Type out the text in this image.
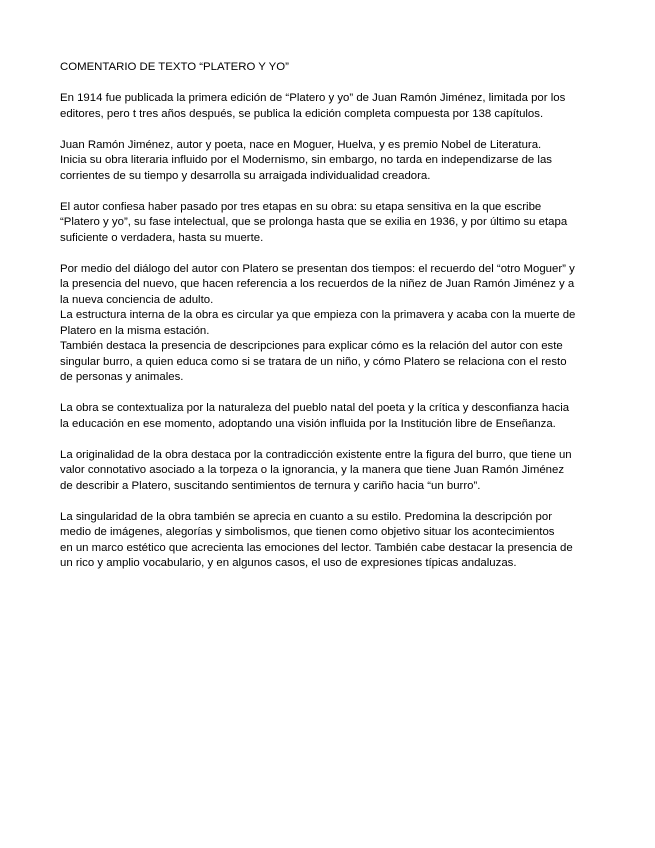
COMENTARIO DE TEXTO “PLATERO Y YO”
En 1914 fue publicada la primera edición de “Platero y yo” de Juan Ramón Jiménez, limitada por los
editores, pero t tres años después, se publica la edición completa compuesta por 138 capítulos.
Juan Ramón Jiménez, autor y poeta, nace en Moguer, Huelva, y es premio Nobel de Literatura.
Inicia su obra literaria influido por el Modernismo, sin embargo, no tarda en independizarse de las
corrientes de su tiempo y desarrolla su arraigada individualidad creadora.
El autor confiesa haber pasado por tres etapas en su obra: su etapa sensitiva en la que escribe
“Platero y yo”, su fase intelectual, que se prolonga hasta que se exilia en 1936, y por último su etapa
suficiente o verdadera, hasta su muerte.
Por medio del diálogo del autor con Platero se presentan dos tiempos: el recuerdo del “otro Moguer” y
la presencia del nuevo, que hacen referencia a los recuerdos de la niñez de Juan Ramón Jiménez y a
la nueva conciencia de adulto.
La estructura interna de la obra es circular ya que empieza con la primavera y acaba con la muerte de
Platero en la misma estación.
También destaca la presencia de descripciones para explicar cómo es la relación del autor con este
singular burro, a quien educa como si se tratara de un niño, y cómo Platero se relaciona con el resto
de personas y animales.
La obra se contextualiza por la naturaleza del pueblo natal del poeta y la crítica y desconfianza hacia
la educación en ese momento, adoptando una visión influida por la Institución libre de Enseñanza.
La originalidad de la obra destaca por la contradicción existente entre la figura del burro, que tiene un
valor connotativo asociado a la torpeza o la ignorancia, y la manera que tiene Juan Ramón Jiménez
de describir a Platero, suscitando sentimientos de ternura y cariño hacia “un burro”.
La singularidad de la obra también se aprecia en cuanto a su estilo. Predomina la descripción por
medio de imágenes, alegorías y simbolismos, que tienen como objetivo situar los acontecimientos
en un marco estético que acrecienta las emociones del lector. También cabe destacar la presencia de
un rico y amplio vocabulario, y en algunos casos, el uso de expresiones típicas andaluzas.
